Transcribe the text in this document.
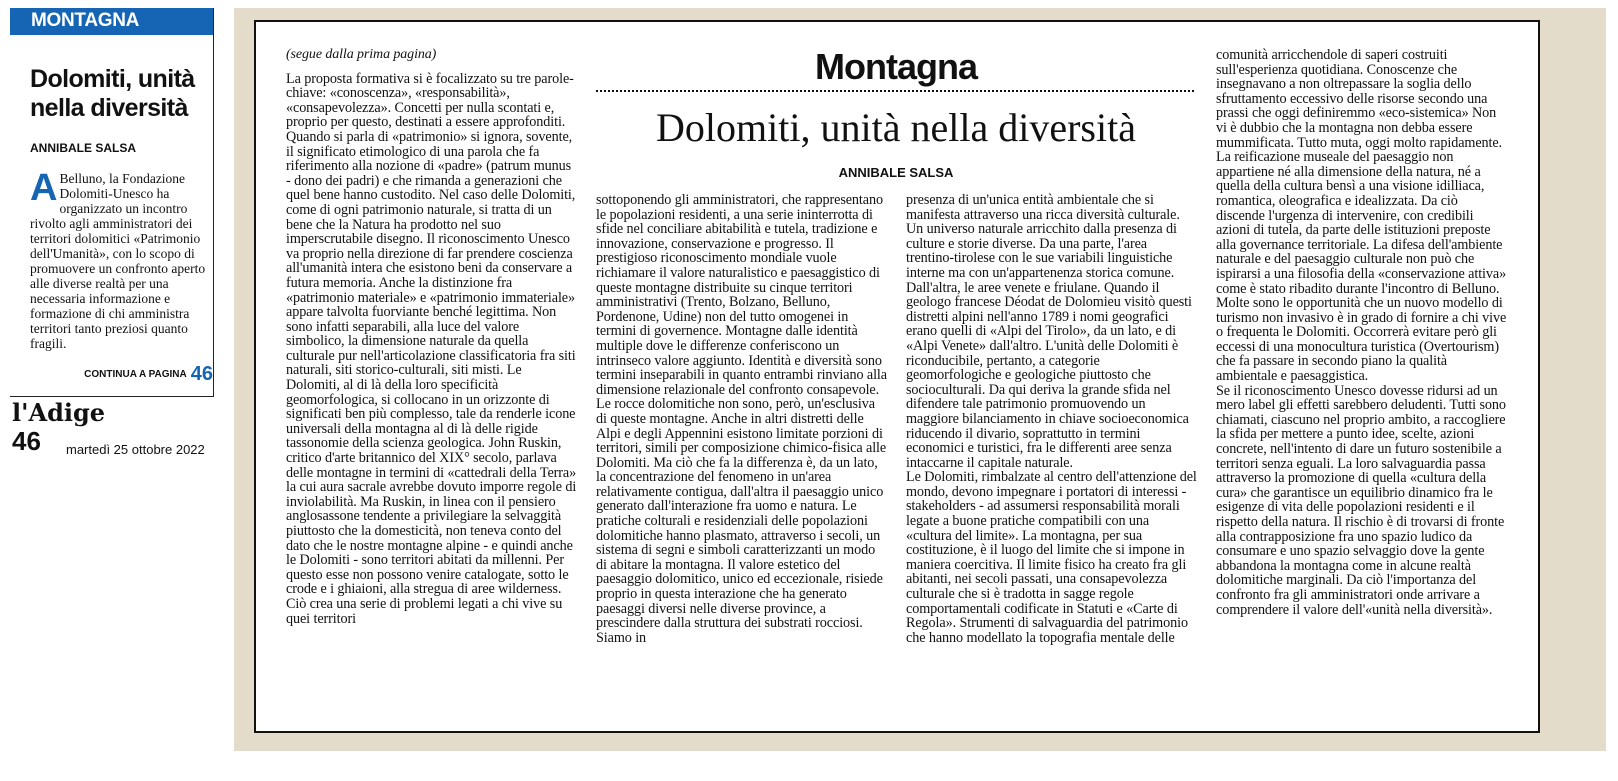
MONTAGNA
Dolomiti, unità nella diversità
ANNIBALE SALSA
A Belluno, la Fondazione Dolomiti-Unesco ha organizzato un incontro rivolto agli amministratori dei territori dolomitici «Patrimonio dell'Umanità», con lo scopo di promuovere un confronto aperto alle diverse realtà per una necessaria informazione e formazione di chi amministra territori tanto preziosi quanto fragili.
CONTINUA A PAGINA 46
l'Adige
46 martedì 25 ottobre 2022

(segue dalla prima pagina)

La proposta formativa si è focalizzato su tre parole-chiave: «conoscenza», «responsabilità», «consapevolezza». Concetti per nulla scontati e, proprio per questo, destinati a essere approfonditi. Quando si parla di «patrimonio» si ignora, sovente, il significato etimologico di una parola che fa riferimento alla nozione di «padre» (patrum munus - dono dei padri) e che rimanda a generazioni che quel bene hanno custodito. Nel caso delle Dolomiti, come di ogni patrimonio naturale, si tratta di un bene che la Natura ha prodotto nel suo imperscrutabile disegno. Il riconoscimento Unesco va proprio nella direzione di far prendere coscienza all'umanità intera che esistono beni da conservare a futura memoria. Anche la distinzione fra «patrimonio materiale» e «patrimonio immateriale» appare talvolta fuorviante benché legittima. Non sono infatti separabili, alla luce del valore simbolico, la dimensione naturale da quella culturale pur nell'articolazione classificatoria fra siti naturali, siti storico-culturali, siti misti. Le Dolomiti, al di là della loro specificità geomorfologica, si collocano in un orizzonte di significati ben più complesso, tale da renderle icone universali della montagna al di là delle rigide tassonomie della scienza geologica. John Ruskin, critico d'arte britannico del XIX° secolo, parlava delle montagne in termini di «cattedrali della Terra» la cui aura sacrale avrebbe dovuto imporre regole di inviolabilità. Ma Ruskin, in linea con il pensiero anglosassone tendente a privilegiare la selvaggità piuttosto che la domesticità, non teneva conto del dato che le nostre montagne alpine - e quindi anche le Dolomiti - sono territori abitati da millenni. Per questo esse non possono venire catalogate, sotto le crode e i ghiaioni, alla stregua di aree wilderness. Ciò crea una serie di problemi legati a chi vive su quei territori

Montagna
Dolomiti, unità nella diversità
ANNIBALE SALSA

sottoponendo gli amministratori, che rappresentano le popolazioni residenti, a una serie ininterrotta di sfide nel conciliare abitabilità e tutela, tradizione e innovazione, conservazione e progresso. Il prestigioso riconoscimento mondiale vuole richiamare il valore naturalistico e paesaggistico di queste montagne distribuite su cinque territori amministrativi (Trento, Bolzano, Belluno, Pordenone, Udine) non del tutto omogenei in termini di governence. Montagne dalle identità multiple dove le differenze conferiscono un intrinseco valore aggiunto. Identità e diversità sono termini inseparabili in quanto entrambi rinviano alla dimensione relazionale del confronto consapevole. Le rocce dolomitiche non sono, però, un'esclusiva di queste montagne. Anche in altri distretti delle Alpi e degli Appennini esistono limitate porzioni di territori, simili per composizione chimico-fisica alle Dolomiti. Ma ciò che fa la differenza è, da un lato, la concentrazione del fenomeno in un'area relativamente contigua, dall'altra il paesaggio unico generato dall'interazione fra uomo e natura. Le pratiche colturali e residenziali delle popolazioni dolomitiche hanno plasmato, attraverso i secoli, un sistema di segni e simboli caratterizzanti un modo di abitare la montagna. Il valore estetico del paesaggio dolomitico, unico ed eccezionale, risiede proprio in questa interazione che ha generato paesaggi diversi nelle diverse province, a prescindere dalla struttura dei substrati rocciosi. Siamo in

presenza di un'unica entità ambientale che si manifesta attraverso una ricca diversità culturale. Un universo naturale arricchito dalla presenza di culture e storie diverse. Da una parte, l'area trentino-tirolese con le sue variabili linguistiche interne ma con un'appartenenza storica comune. Dall'altra, le aree venete e friulane. Quando il geologo francese Déodat de Dolomieu visitò questi distretti alpini nell'anno 1789 i nomi geografici erano quelli di «Alpi del Tirolo», da un lato, e di «Alpi Venete» dall'altro. L'unità delle Dolomiti è riconducibile, pertanto, a categorie geomorfologiche e geologiche piuttosto che socioculturali. Da qui deriva la grande sfida nel difendere tale patrimonio promuovendo un maggiore bilanciamento in chiave socioeconomica riducendo il divario, soprattutto in termini economici e turistici, fra le differenti aree senza intaccarne il capitale naturale.

Le Dolomiti, rimbalzate al centro dell'attenzione del mondo, devono impegnare i portatori di interessi - stakeholders - ad assumersi responsabilità morali legate a buone pratiche compatibili con una «cultura del limite». La montagna, per sua costituzione, è il luogo del limite che si impone in maniera coercitiva. Il limite fisico ha creato fra gli abitanti, nei secoli passati, una consapevolezza culturale che si è tradotta in sagge regole comportamentali codificate in Statuti e «Carte di Regola». Strumenti di salvaguardia del patrimonio che hanno modellato la topografia mentale delle

comunità arricchendole di saperi costruiti sull'esperienza quotidiana. Conoscenze che insegnavano a non oltrepassare la soglia dello sfruttamento eccessivo delle risorse secondo una prassi che oggi definiremmo «eco-sistemica» Non vi è dubbio che la montagna non debba essere mummificata. Tutto muta, oggi molto rapidamente. La reificazione museale del paesaggio non appartiene né alla dimensione della natura, né a quella della cultura bensì a una visione idilliaca, romantica, oleografica e idealizzata. Da ciò discende l'urgenza di intervenire, con credibili azioni di tutela, da parte delle istituzioni preposte alla governance territoriale. La difesa dell'ambiente naturale e del paesaggio culturale non può che ispirarsi a una filosofia della «conservazione attiva» come è stato ribadito durante l'incontro di Belluno. Molte sono le opportunità che un nuovo modello di turismo non invasivo è in grado di fornire a chi vive o frequenta le Dolomiti. Occorrerà evitare però gli eccessi di una monocultura turistica (Overtourism) che fa passare in secondo piano la qualità ambientale e paesaggistica.

Se il riconoscimento Unesco dovesse ridursi ad un mero label gli effetti sarebbero deludenti. Tutti sono chiamati, ciascuno nel proprio ambito, a raccogliere la sfida per mettere a punto idee, scelte, azioni concrete, nell'intento di dare un futuro sostenibile a territori senza eguali. La loro salvaguardia passa attraverso la promozione di quella «cultura della cura» che garantisce un equilibrio dinamico fra le esigenze di vita delle popolazioni residenti e il rispetto della natura. Il rischio è di trovarsi di fronte alla contrapposizione fra uno spazio ludico da consumare e uno spazio selvaggio dove la gente abbandona la montagna come in alcune realtà dolomitiche marginali. Da ciò l'importanza del confronto fra gli amministratori onde arrivare a comprendere il valore dell'«unità nella diversità».
